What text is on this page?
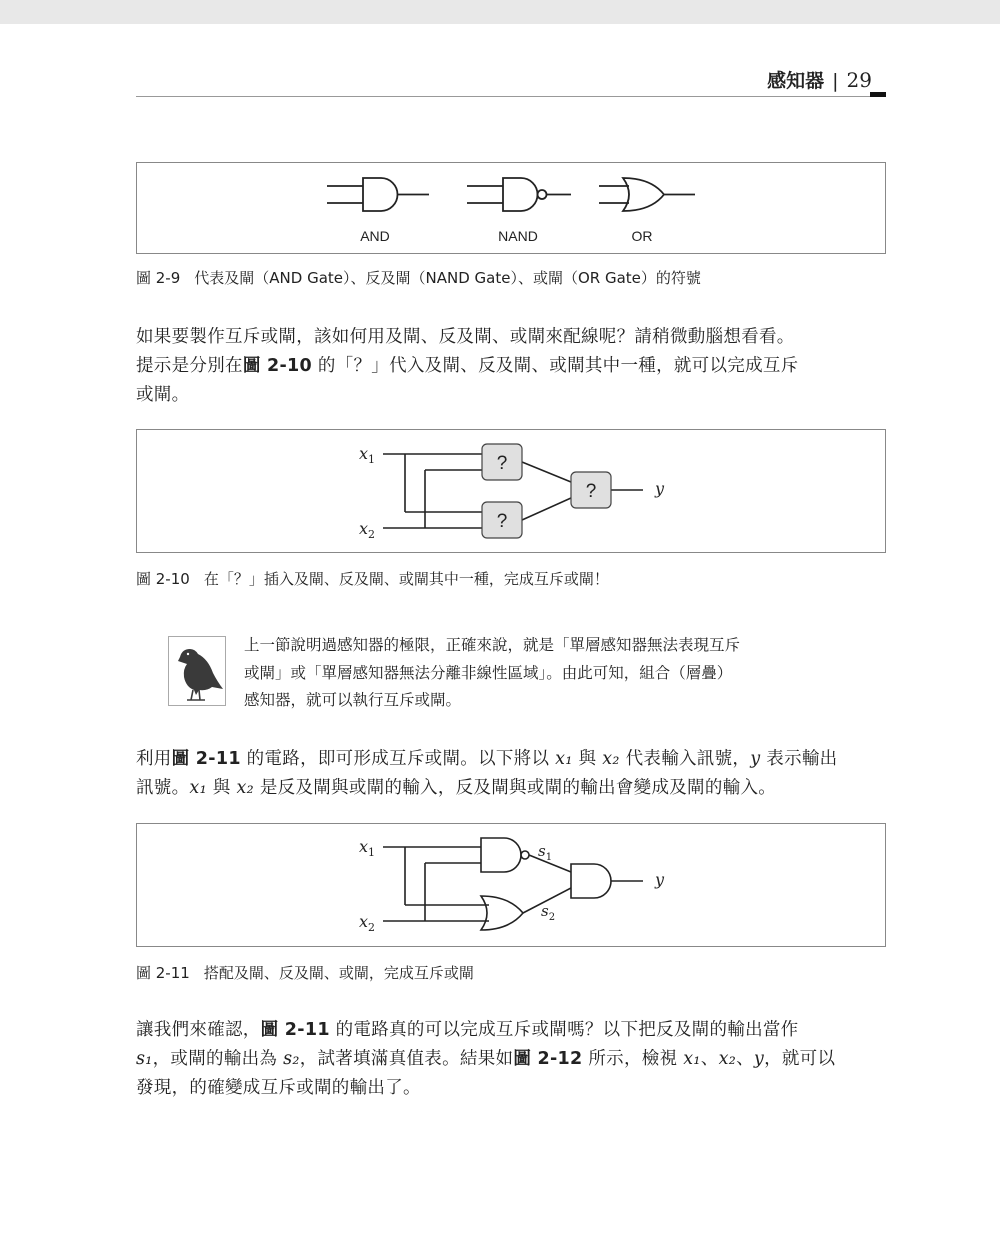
感知器 | 29
AND	NAND	OR
圖 2-9 代表及閘（AND Gate）、反及閘（NAND Gate）、或閘（OR Gate）的符號

如果要製作互斥或閘，該如何用及閘、反及閘、或閘來配線呢？請稍微動腦想看看。

提示是分別在圖 2-10 的「？」代入及閘、反及閘、或閘其中一種，就可以完成互斥

或閘。

?
?
?
$x_1$
$x_2$
y
圖 2-10 在「？」插入及閘、反及閘、或閘其中一種，完成互斥或閘！

上一節說明過感知器的極限，正確來說，就是「單層感知器無法表現互斥

或閘」或「單層感知器無法分離非線性區域」。由此可知，組合（層疊）

感知器，就可以執行互斥或閘。

利用圖 2-11 的電路，即可形成互斥或閘。以下將以 x₁ 與 x₂ 代表輸入訊號，y 表示輸出

訊號。x₁ 與 x₂ 是反及閘與或閘的輸入，反及閘與或閘的輸出會變成及閘的輸入。

$x_1$
$x_2$
$s_1$
$s_2$
y
圖 2-11 搭配及閘、反及閘、或閘，完成互斥或閘

讓我們來確認，圖 2-11 的電路真的可以完成互斥或閘嗎？以下把反及閘的輸出當作

s₁，或閘的輸出為 s₂，試著填滿真值表。結果如圖 2-12 所示，檢視 x₁、x₂、y，就可以

發現，的確變成互斥或閘的輸出了。
